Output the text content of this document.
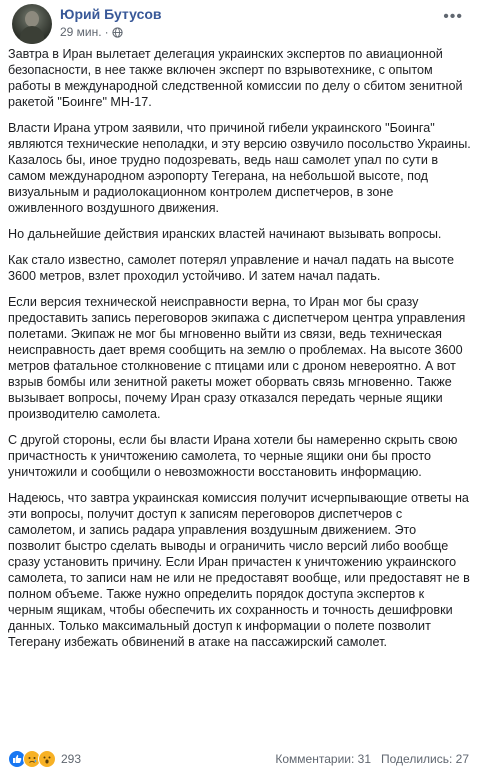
Юрий Бутусов
29 мин. ·
•••

Завтра в Иран вылетает делегация украинских экспертов по авиационной безопасности, в нее также включен эксперт по взрывотехнике, с опытом работы в международной следственной комиссии по делу о сбитом зенитной ракетой "Боинге" МН-17.

Власти Ирана утром заявили, что причиной гибели украинского "Боинга" являются технические неполадки, и эту версию озвучило посольство Украины. Казалось бы, иное трудно подозревать, ведь наш самолет упал по сути в самом международном аэропорту Тегерана, на небольшой высоте, под визуальным и радиолокационном контролем диспетчеров, в зоне оживленного воздушного движения.

Но дальнейшие действия иранских властей начинают вызывать вопросы.

Как стало известно, самолет потерял управление и начал падать на высоте 3600 метров, взлет проходил устойчиво. И затем начал падать.

Если версия технической неисправности верна, то Иран мог бы сразу предоставить запись переговоров экипажа с диспетчером центра управления полетами. Экипаж не мог бы мгновенно выйти из связи, ведь техническая неисправность дает время сообщить на землю о проблемах. На высоте 3600 метров фатальное столкновение с птицами или с дроном невероятно. А вот взрыв бомбы или зенитной ракеты может оборвать связь мгновенно. Также вызывает вопросы, почему Иран сразу отказался передать черные ящики производителю самолета.

С другой стороны, если бы власти Ирана хотели бы намеренно скрыть свою причастность к уничтожению самолета, то черные ящики они бы просто уничтожили и сообщили о невозможности восстановить информацию.

Надеюсь, что завтра украинская комиссия получит исчерпывающие ответы на эти вопросы, получит доступ к записям переговоров диспетчеров с самолетом, и запись радара управления воздушным движением. Это позволит быстро сделать выводы и ограничить число версий либо вообще сразу установить причину. Если Иран причастен к уничтожению украинского самолета, то записи нам не или не предоставят вообще, или предоставят не в полном объеме. Также нужно определить порядок доступа экспертов к черным ящикам, чтобы обеспечить их сохранность и точность дешифровки данных. Только максимальный доступ к информации о полете позволит Тегерану избежать обвинений в атаке на пассажирский самолет.

293	Комментарии: 31 Поделились: 27
